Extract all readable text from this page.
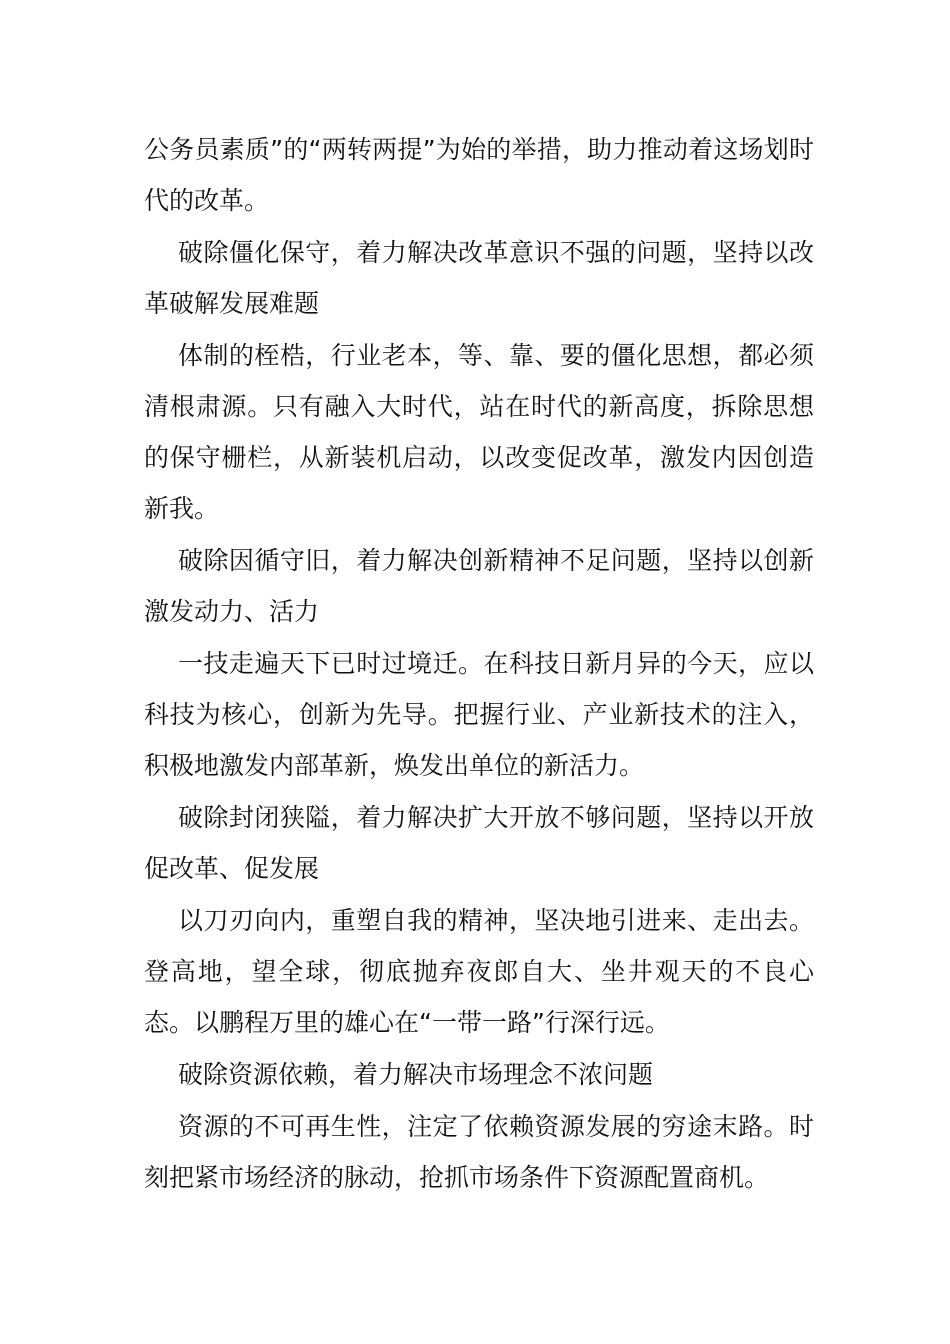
公务员素质”的“两转两提”为始的举措，助力推动着这场划时代的改革。

破除僵化保守，着力解决改革意识不强的问题，坚持以改革破解发展难题

体制的桎梏，行业老本，等、靠、要的僵化思想，都必须清根肃源。只有融入大时代，站在时代的新高度，拆除思想的保守栅栏，从新装机启动，以改变促改革，激发内因创造新我。

破除因循守旧，着力解决创新精神不足问题，坚持以创新激发动力、活力

一技走遍天下已时过境迁。在科技日新月异的今天，应以科技为核心，创新为先导。把握行业、产业新技术的注入，积极地激发内部革新，焕发出单位的新活力。

破除封闭狭隘，着力解决扩大开放不够问题，坚持以开放促改革、促发展

以刀刃向内，重塑自我的精神，坚决地引进来、走出去。登高地，望全球，彻底抛弃夜郎自大、坐井观天的不良心态。以鹏程万里的雄心在“一带一路”行深行远。

破除资源依赖，着力解决市场理念不浓问题

资源的不可再生性，注定了依赖资源发展的穷途末路。时刻把紧市场经济的脉动，抢抓市场条件下资源配置商机。
